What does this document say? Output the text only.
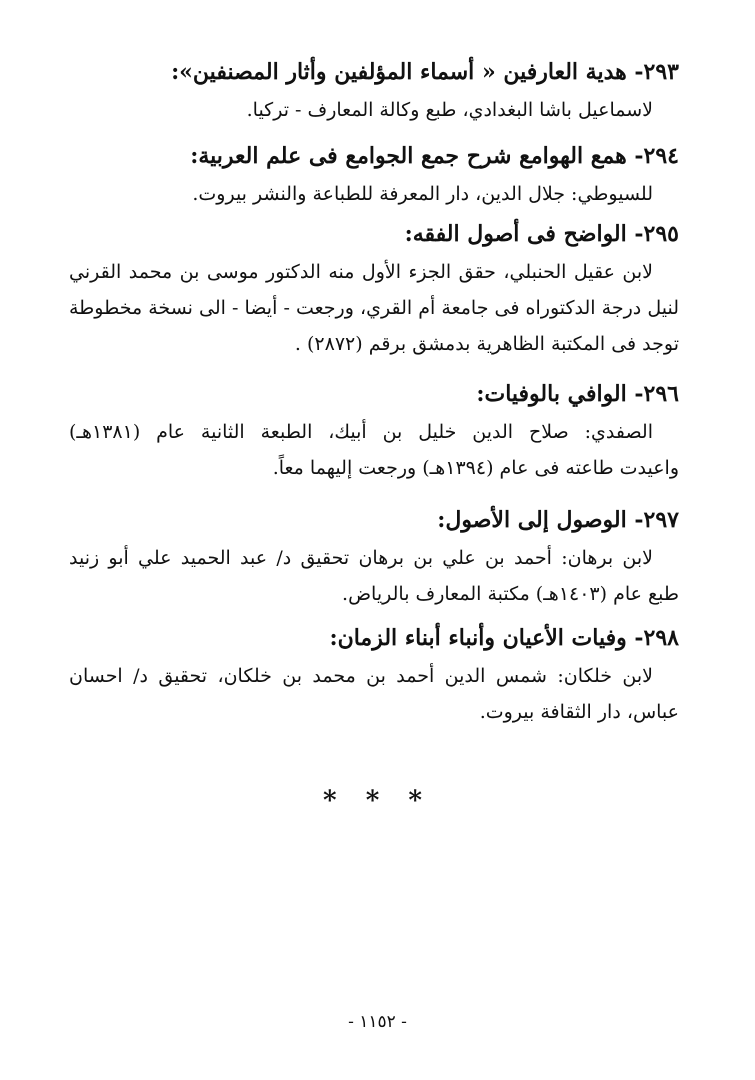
٢٩٣- هدية العارفين « أسماء المؤلفين وأثار المصنفين»:
لاسماعيل باشا البغدادي، طبع وكالة المعارف - تركيا.
٢٩٤- همع الهوامع شرح جمع الجوامع فى علم العربية:
للسيوطي: جلال الدين، دار المعرفة للطباعة والنشر بيروت.
٢٩٥- الواضح فى أصول الفقه:
لابن عقيل الحنبلي، حقق الجزء الأول منه الدكتور موسى بن محمد القرني
لنيل درجة الدكتوراه فى جامعة أم القري، ورجعت - أيضا - الى نسخة مخطوطة
توجد فى المكتبة الظاهرية بدمشق برقم (٢٨٧٢) .
٢٩٦- الوافي بالوفيات:
الصفدي: صلاح الدين خليل بن أبيك، الطبعة الثانية عام (١٣٨١هـ)
واعيدت طاعته فى عام (١٣٩٤هـ) ورجعت إليهما معاً.
٢٩٧- الوصول إلى الأصول:
لابن برهان: أحمد بن علي بن برهان تحقيق د/ عبد الحميد علي أبو زنيد
طبع عام (١٤٠٣هـ) مكتبة المعارف بالرياض.
٢٩٨- وفيات الأعيان وأنباء أبناء الزمان:
لابن خلكان: شمس الدين أحمد بن محمد بن خلكان، تحقيق د/ احسان
عباس، دار الثقافة بيروت.
* * *
- ١١٥٢ -
